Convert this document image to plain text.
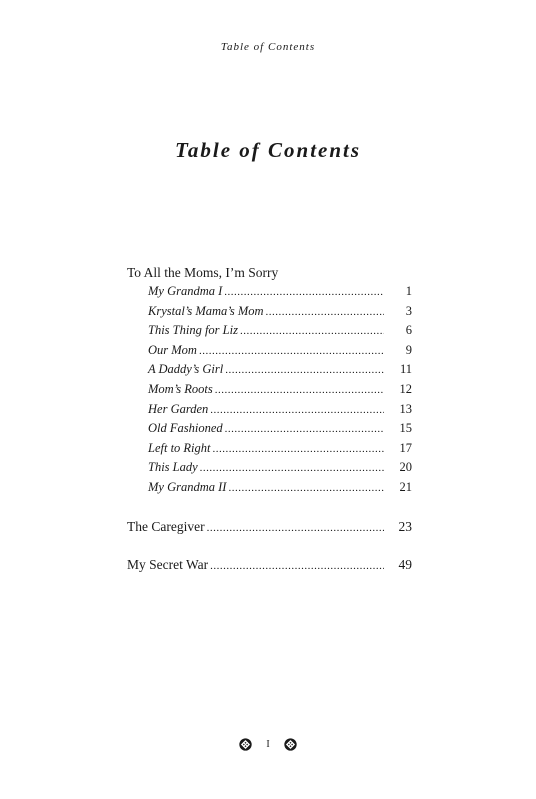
Table of Contents
Table of Contents
To All the Moms, I’m Sorry
My Grandma I .....	1
Krystal’s Mama’s Mom .....	3
This Thing for Liz .....	6
Our Mom .....	9
A Daddy’s Girl .....	11
Mom’s Roots .....	12
Her Garden .....	13
Old Fashioned .....	15
Left to Right .....	17
This Lady .....	20
My Grandma II .....	21
The Caregiver .....	23
My Secret War .....	49
I
